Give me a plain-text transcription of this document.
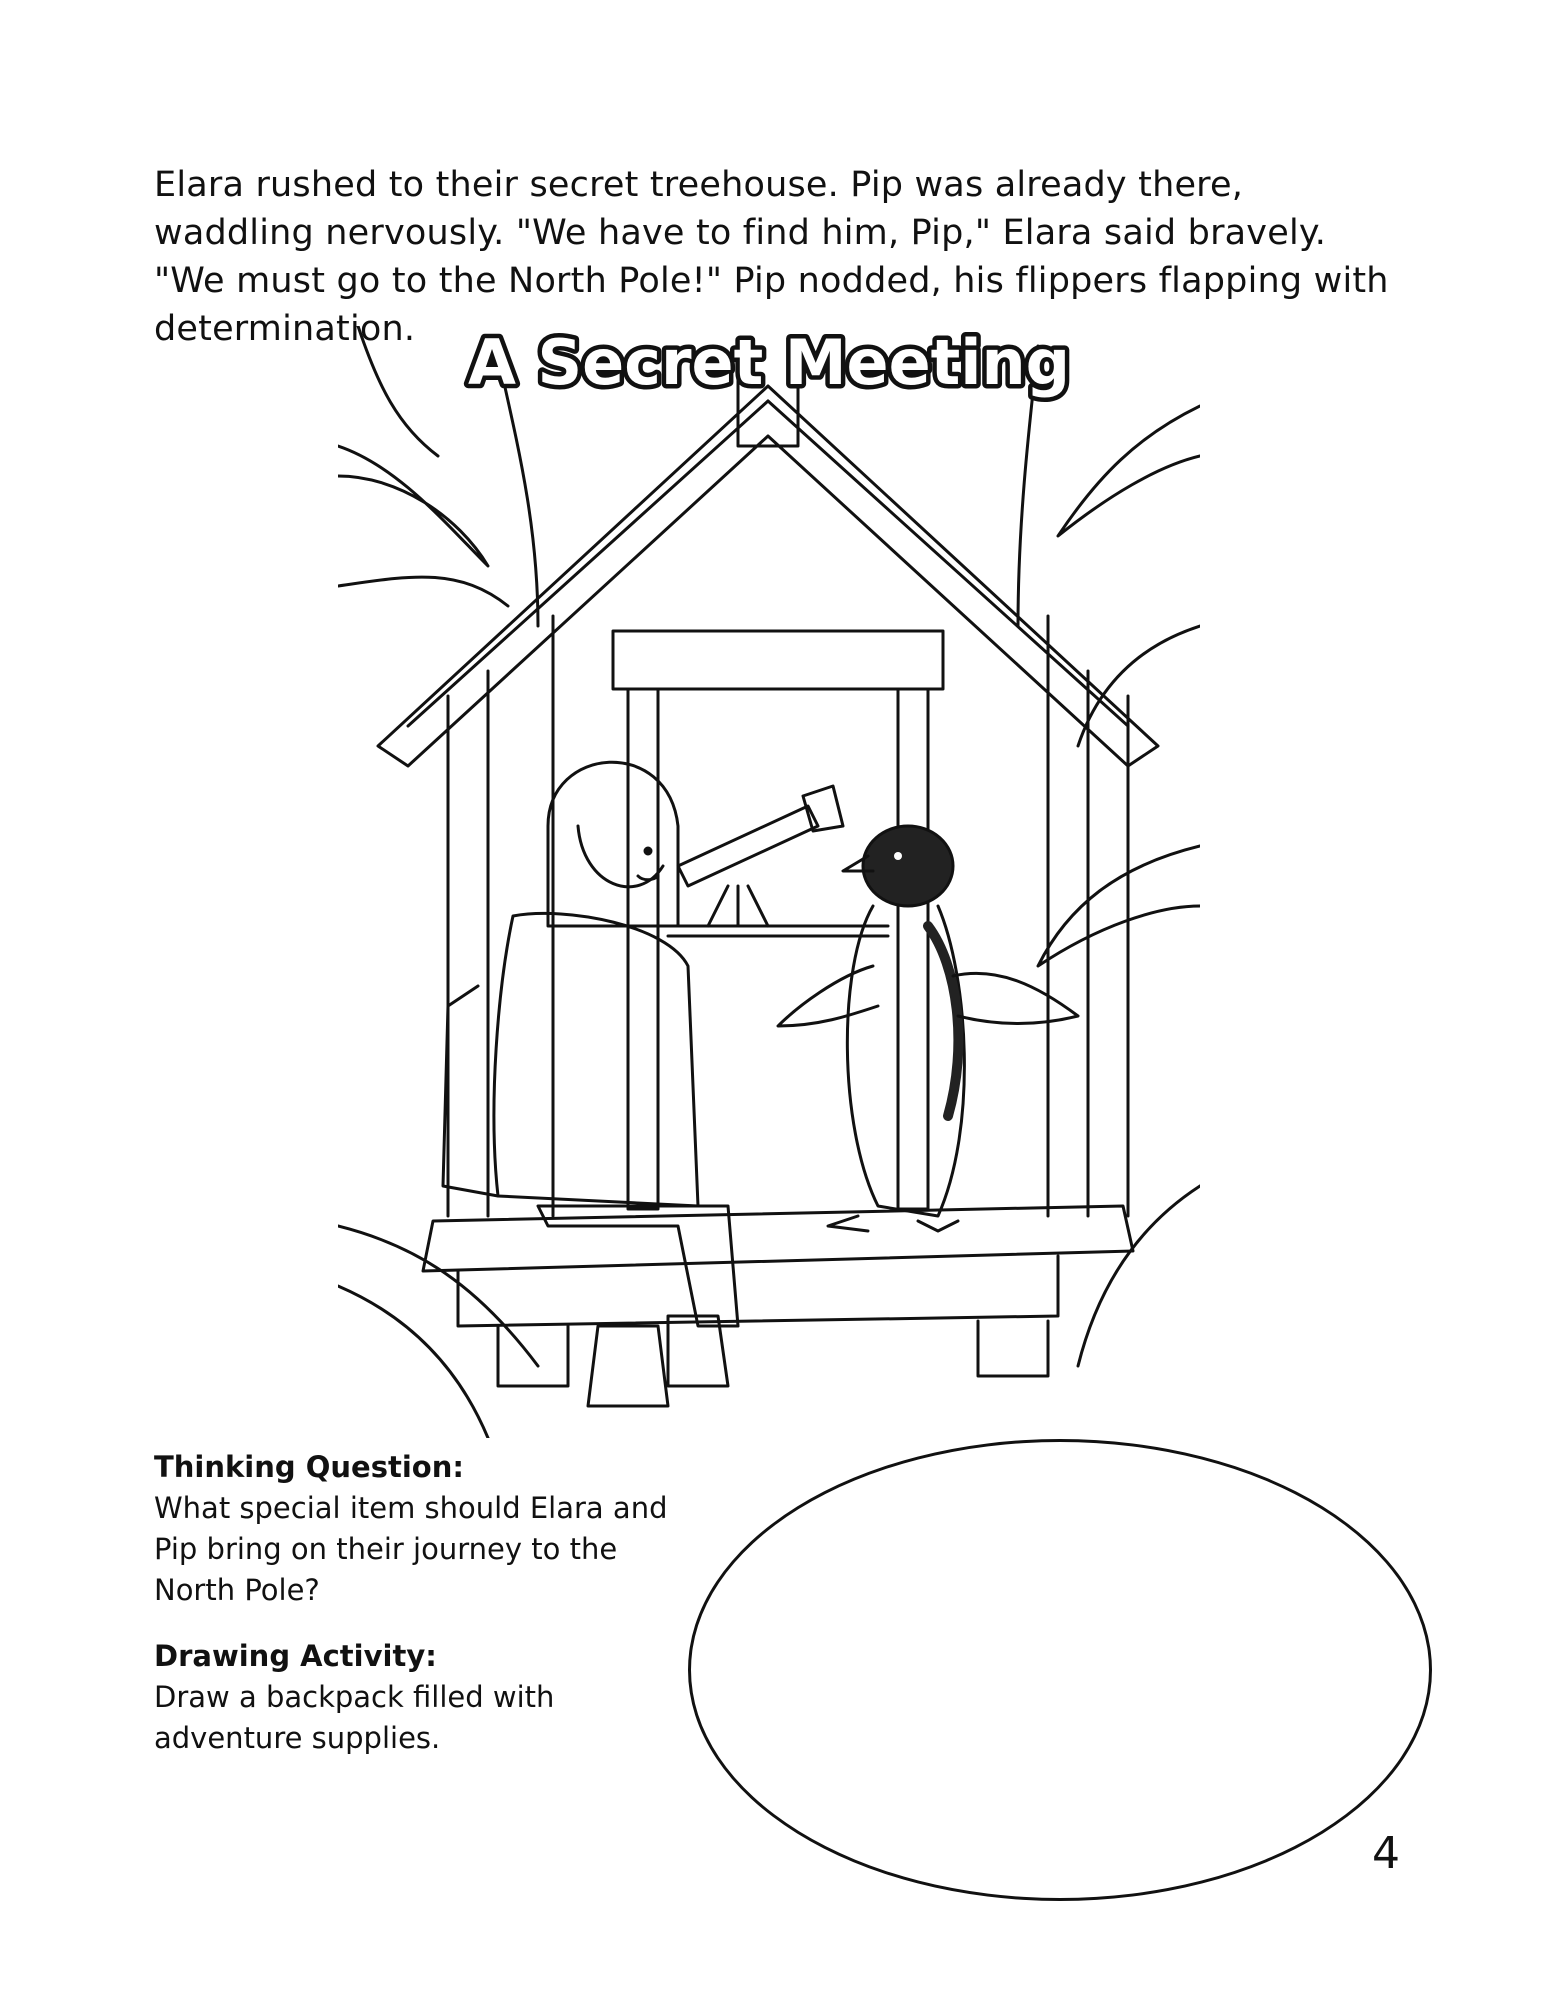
Elara rushed to their secret treehouse. Pip was already there, waddling nervously. "We have to find him, Pip," Elara said bravely. "We must go to the North Pole!" Pip nodded, his flippers flapping with determination. A Secret Meeting
Thinking Question:

What special item should Elara and Pip bring on their journey to the North Pole?

Drawing Activity:

Draw a backpack filled with adventure supplies.

4
